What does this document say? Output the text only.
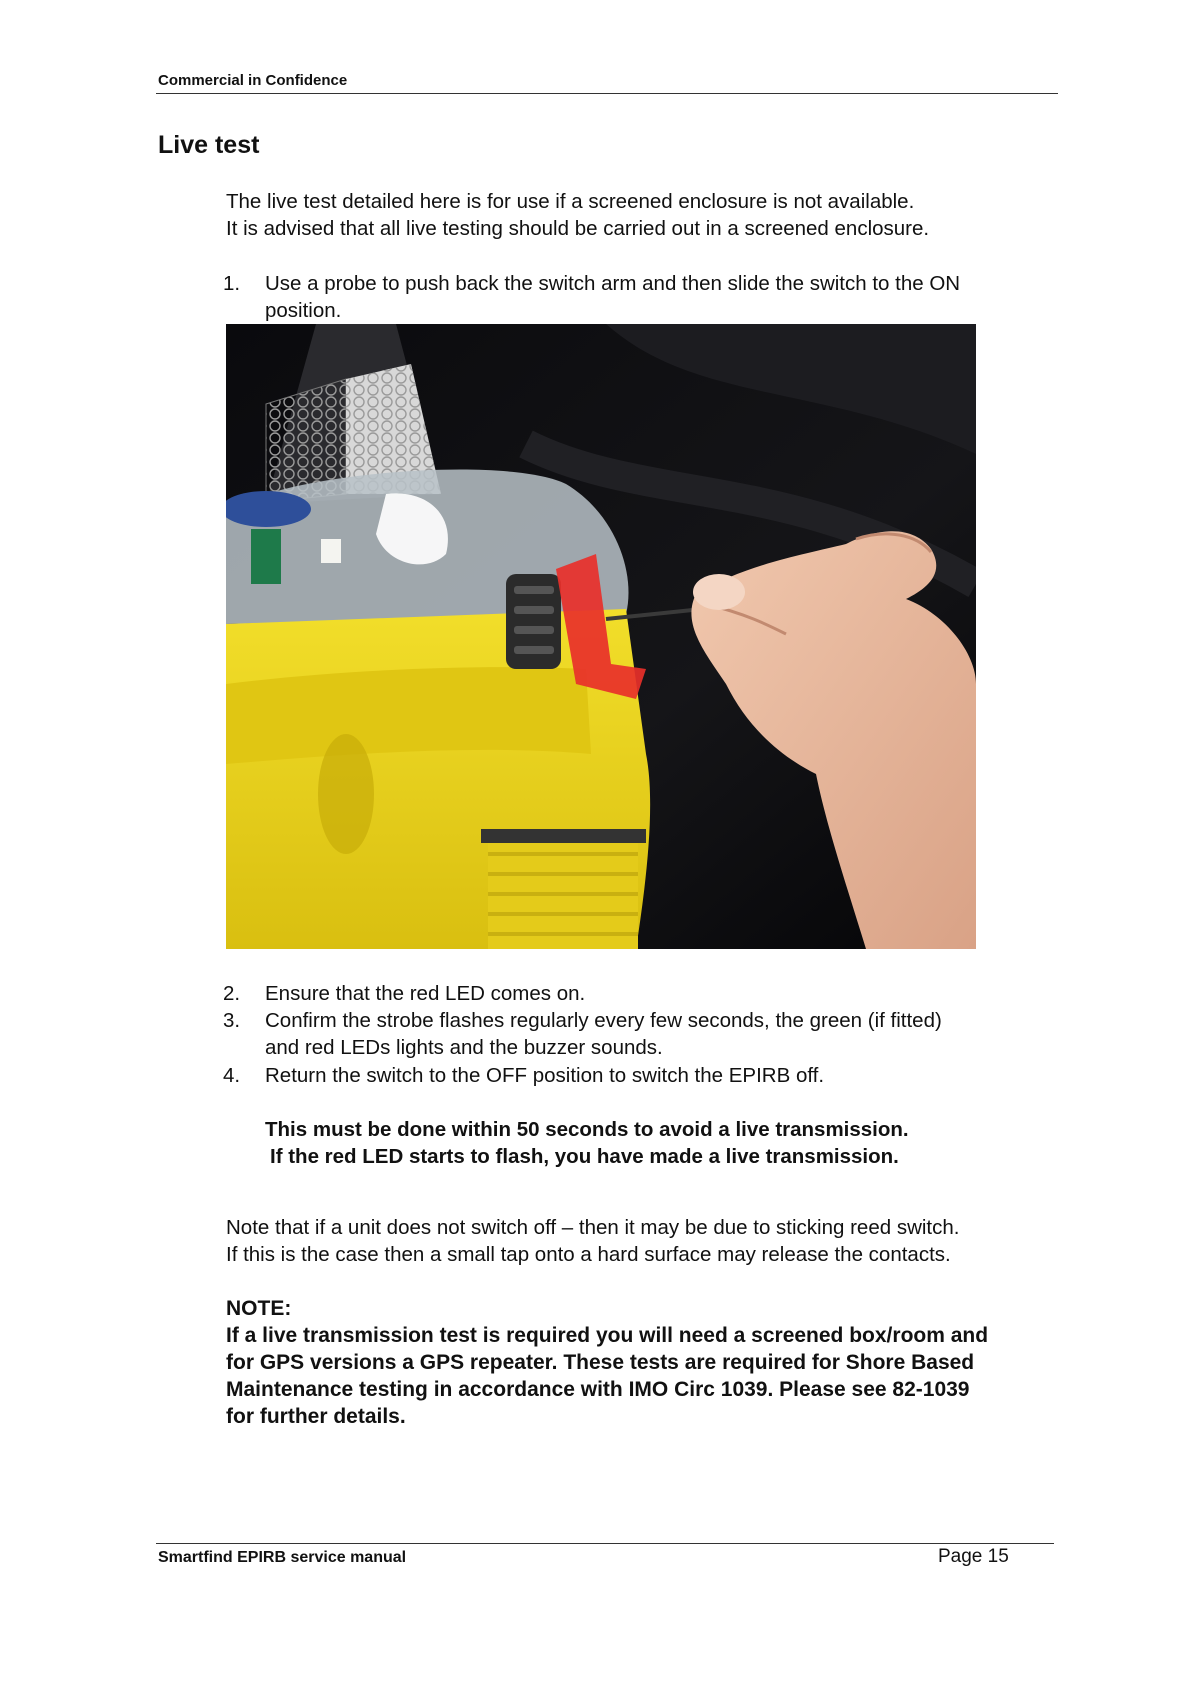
Commercial in Confidence
Live test
The live test detailed here is for use if a screened enclosure is not available.
It is advised that all live testing should be carried out in a screened enclosure.
1. Use a probe to push back the switch arm and then slide the switch to the ON
position.
2. Ensure that the red LED comes on.
3. Confirm the strobe flashes regularly every few seconds, the green (if fitted)
and red LEDs lights and the buzzer sounds.
4. Return the switch to the OFF position to switch the EPIRB off.
This must be done within 50 seconds to avoid a live transmission.
If the red LED starts to flash, you have made a live transmission.
Note that if a unit does not switch off – then it may be due to sticking reed switch.
If this is the case then a small tap onto a hard surface may release the contacts.
NOTE:
If a live transmission test is required you will need a screened box/room and
for GPS versions a GPS repeater. These tests are required for Shore Based
Maintenance testing in accordance with IMO Circ 1039. Please see 82-1039
for further details.
Smartfind EPIRB service manual	Page 15
